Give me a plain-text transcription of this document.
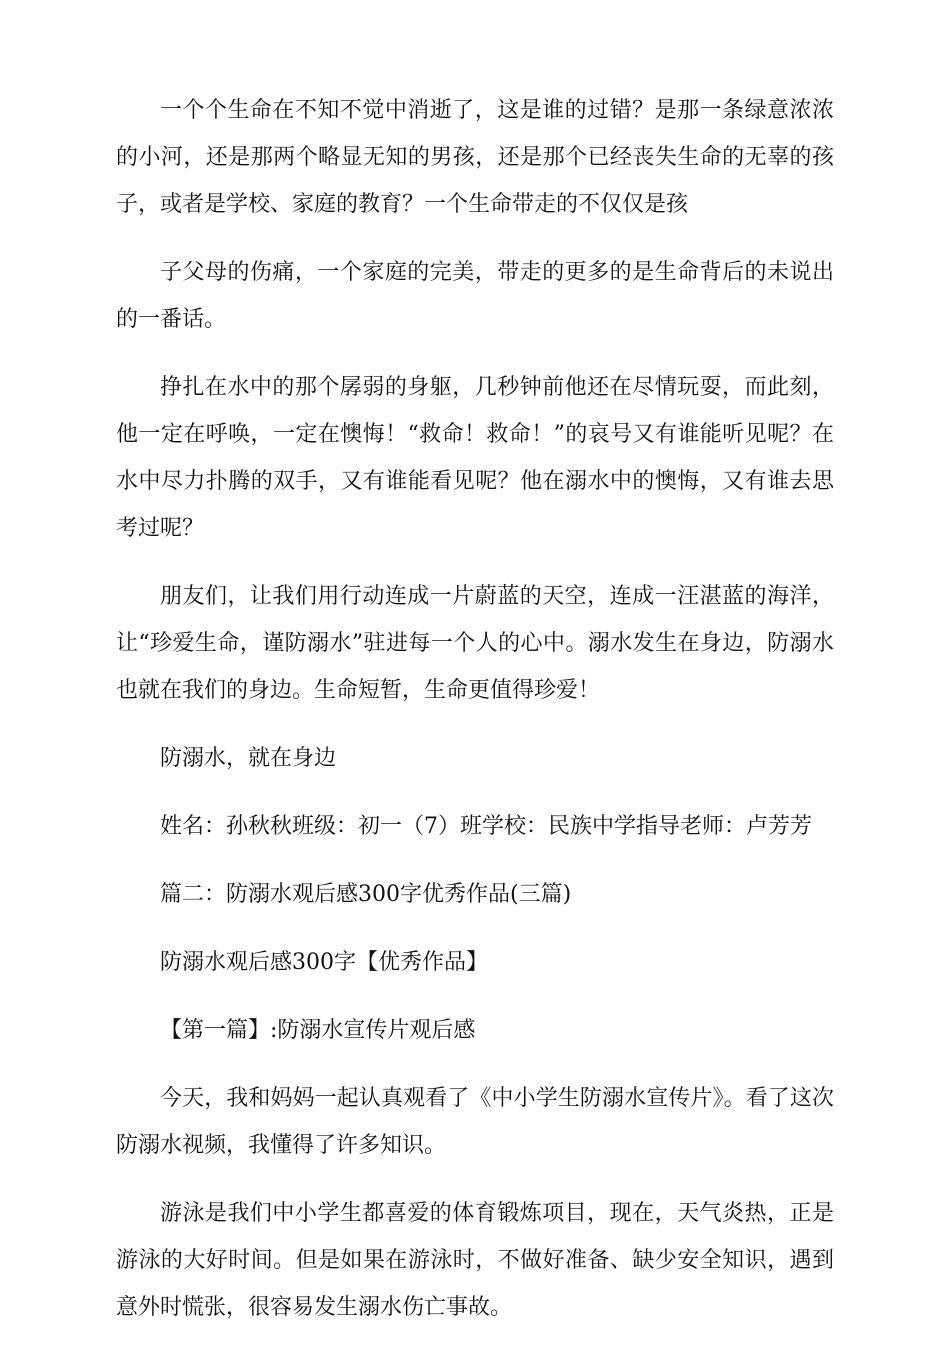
一个个生命在不知不觉中消逝了，这是谁的过错？是那一条绿意浓浓的小河，还是那两个略显无知的男孩，还是那个已经丧失生命的无辜的孩子，或者是学校、家庭的教育？一个生命带走的不仅仅是孩

子父母的伤痛，一个家庭的完美，带走的更多的是生命背后的未说出的一番话。

挣扎在水中的那个孱弱的身躯，几秒钟前他还在尽情玩耍，而此刻，他一定在呼唤，一定在懊悔！“救命！救命！”的哀号又有谁能听见呢？在水中尽力扑腾的双手，又有谁能看见呢？他在溺水中的懊悔，又有谁去思考过呢？

朋友们，让我们用行动连成一片蔚蓝的天空，连成一汪湛蓝的海洋，让“珍爱生命，谨防溺水”驻进每一个人的心中。溺水发生在身边，防溺水也就在我们的身边。生命短暂，生命更值得珍爱！

防溺水，就在身边

姓名：孙秋秋班级：初一（7）班学校：民族中学指导老师：卢芳芳

篇二：防溺水观后感300字优秀作品(三篇)

防溺水观后感300字【优秀作品】

【第一篇】:防溺水宣传片观后感

今天，我和妈妈一起认真观看了《中小学生防溺水宣传片》。看了这次防溺水视频，我懂得了许多知识。

游泳是我们中小学生都喜爱的体育锻炼项目，现在，天气炎热，正是游泳的大好时间。但是如果在游泳时，不做好准备、缺少安全知识，遇到意外时慌张，很容易发生溺水伤亡事故。
